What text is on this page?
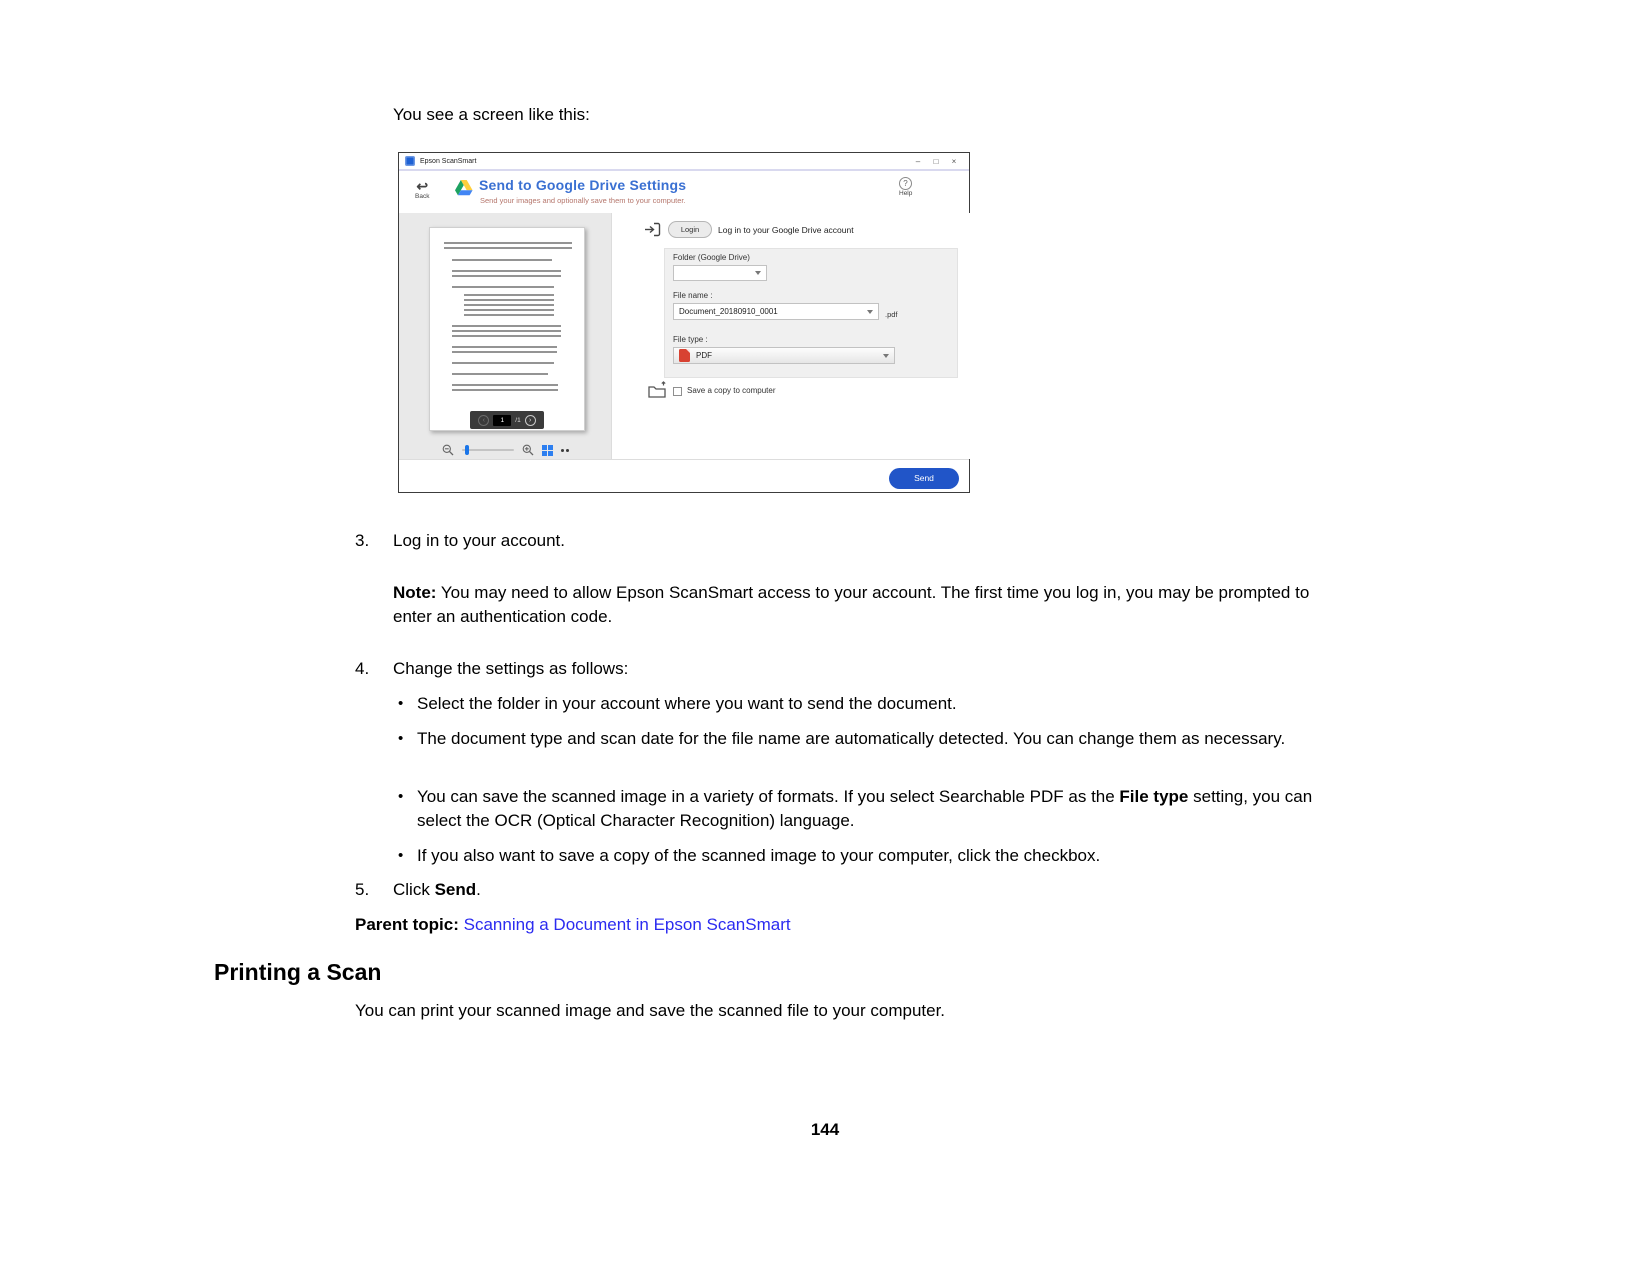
You see a screen like this:
Epson ScanSmart	–	□	×
↩
Back
Send to Google Drive Settings
Send your images and optionally save them to your computer.
?
Help
‹	1	/1	›
Login	Log in to your Google Drive account
Folder (Google Drive)
File name :
Document_20180910_0001	.pdf
File type :
PDF
Save a copy to computer
Send
3.	Log in to your account.
Note: You may need to allow Epson ScanSmart access to your account. The first time you log in, you may be prompted to enter an authentication code.
4.	Change the settings as follows:
• Select the folder in your account where you want to send the document.
• The document type and scan date for the file name are automatically detected. You can change them as necessary.
• You can save the scanned image in a variety of formats. If you select Searchable PDF as the File type setting, you can select the OCR (Optical Character Recognition) language.
• If you also want to save a copy of the scanned image to your computer, click the checkbox.
5.	Click Send.
Parent topic: Scanning a Document in Epson ScanSmart
Printing a Scan
You can print your scanned image and save the scanned file to your computer.
144
